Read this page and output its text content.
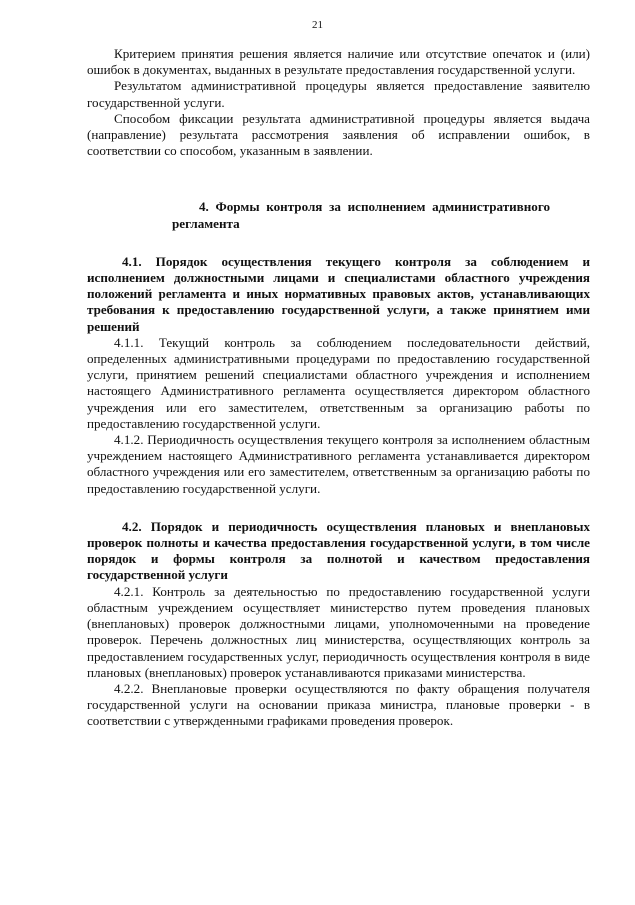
21

Критерием принятия решения является наличие или отсутствие опечаток и (или) ошибок в документах, выданных в результате предоставления государственной услуги.

Результатом административной процедуры является предоставление заявителю государственной услуги.

Способом фиксации результата административной процедуры является выдача (направление) результата рассмотрения заявления об исправлении ошибок, в соответствии со способом, указанным в заявлении.

4. Формы контроля за исполнением административного регламента

4.1. Порядок осуществления текущего контроля за соблюдением и исполнением должностными лицами и специалистами областного учреждения положений регламента и иных нормативных правовых актов, устанавливающих требования к предоставлению государственной услуги, а также принятием ими решений

4.1.1. Текущий контроль за соблюдением последовательности действий, определенных административными процедурами по предоставлению государственной услуги, принятием решений специалистами областного учреждения и исполнением настоящего Административного регламента осуществляется директором областного учреждения или его заместителем, ответственным за организацию работы по предоставлению государственной услуги.

4.1.2. Периодичность осуществления текущего контроля за исполнением областным учреждением настоящего Административного регламента устанавливается директором областного учреждения или его заместителем, ответственным за организацию работы по предоставлению государственной услуги.

4.2. Порядок и периодичность осуществления плановых и внеплановых проверок полноты и качества предоставления государственной услуги, в том числе порядок и формы контроля за полнотой и качеством предоставления государственной услуги

4.2.1. Контроль за деятельностью по предоставлению государственной услуги областным учреждением осуществляет министерство путем проведения плановых (внеплановых) проверок должностными лицами, уполномоченными на проведение проверок. Перечень должностных лиц министерства, осуществляющих контроль за предоставлением государственных услуг, периодичность осуществления контроля в виде плановых (внеплановых) проверок устанавливаются приказами министерства.

4.2.2. Внеплановые проверки осуществляются по факту обращения получателя государственной услуги на основании приказа министра, плановые проверки - в соответствии с утвержденными графиками проведения проверок.
